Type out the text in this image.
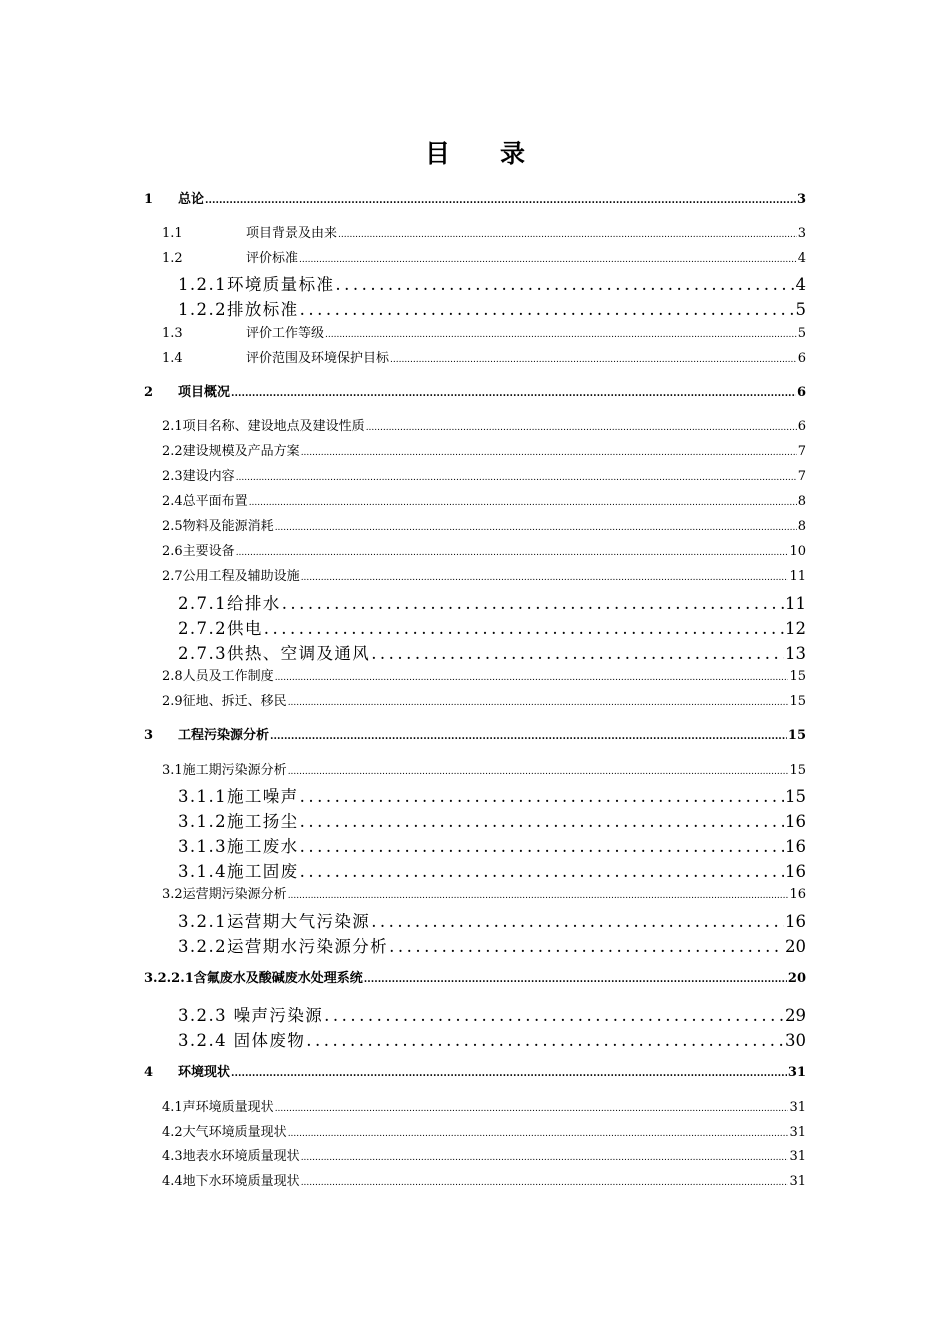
目 录
1	总论 .....	3
1.1	项目背景及由来 .....	3
1.2	评价标准 .....	4
1.2.1环境质量标准 .....	4
1.2.2排放标准 .....	5
1.3	评价工作等级 .....	5
1.4	评价范围及环境保护目标 .....	6
2	项目概况 .....	6
2.1项目名称、建设地点及建设性质 .....	6
2.2建设规模及产品方案 .....	7
2.3建设内容 .....	7
2.4总平面布置 .....	8
2.5物料及能源消耗 .....	8
2.6主要设备 .....	10
2.7公用工程及辅助设施 .....	11
2.7.1给排水 .....	11
2.7.2供电 .....	12
2.7.3供热、空调及通风 .....	13
2.8人员及工作制度 .....	15
2.9征地、拆迁、移民 .....	15
3	工程污染源分析 .....	15
3.1施工期污染源分析 .....	15
3.1.1施工噪声 .....	15
3.1.2施工扬尘 .....	16
3.1.3施工废水 .....	16
3.1.4施工固废 .....	16
3.2运营期污染源分析 .....	16
3.2.1运营期大气污染源 .....	16
3.2.2运营期水污染源分析 .....	20
3.2.2.1含氟废水及酸碱废水处理系统 .....	20
3.2.3 噪声污染源 .....	29
3.2.4 固体废物 .....	30
4	环境现状 .....	31
4.1声环境质量现状 .....	31
4.2大气环境质量现状 .....	31
4.3地表水环境质量现状 .....	31
4.4地下水环境质量现状 .....	31
